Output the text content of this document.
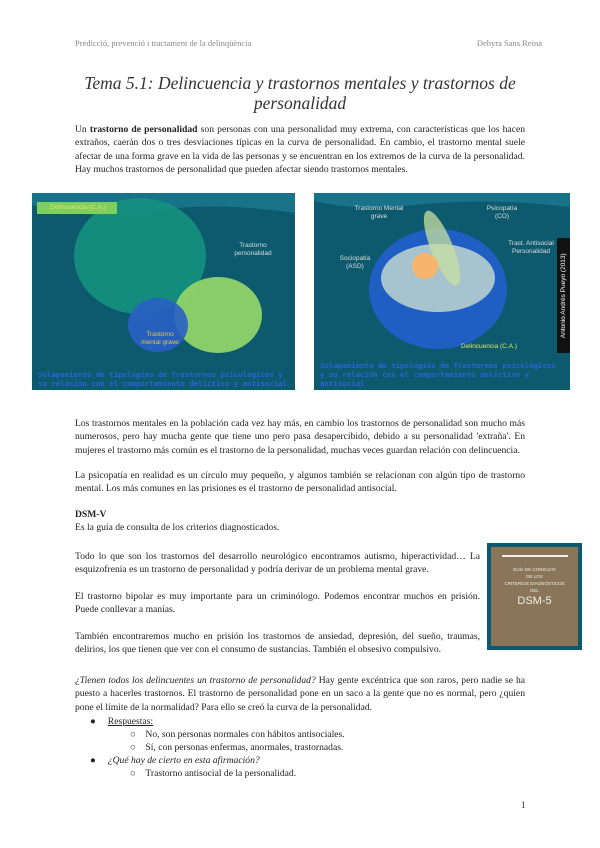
Predicció, prevenció i tractament de la delinqüència	Dehyra Sans Reina
Tema 5.1: Delincuencia y trastornos mentales y trastornos de personalidad
Un trastorno de personalidad son personas con una personalidad muy extrema, con características que los hacen extraños, caerán dos o tres desviaciones típicas en la curva de personalidad. En cambio, el trastorno mental suele afectar de una forma grave en la vida de las personas y se encuentran en los extremos de la curva de la personalidad. Hay muchos trastornos de personalidad que pueden afectar siendo trastornos mentales.
Delincuencia (C.A.)
Trastorno personalidad
Trastorno mental grave
Solapamiento de tipologías de Trastornos psicológicos y su relación con el comportamiento delictivo y antisocial
Trastorno Mental grave
Psicopatía (CO)
Trast. Antisocial Personalidad
Sociopatía (ASD)
Delincuencia (C.A.)
Antonio Andrés Pueyo (2013)
Solapamiento de tipologías de Trastornos psicológicos y su relación con el comportamiento delictivo y antisocial
Los trastornos mentales en la población cada vez hay más, en cambio los trastornos de personalidad son mucho más numerosos, pero hay mucha gente que tiene uno pero pasa desapercibido, debido a su personalidad 'extraña'. En mujeres el trastorno más común es el trastorno de la personalidad, muchas veces guardan relación con delincuencia.
La psicopatía en realidad es un círculo muy pequeño, y algunos también se relacionan con algún tipo de trastorno mental. Los más comunes en las prisiones es el trastorno de personalidad antisocial.
DSM-V
Es la guía de consulta de los criterios diagnosticados.
Todo lo que son los trastornos del desarrollo neurológico encontramos autismo, hiperactividad… La esquizofrenia es un trastorno de personalidad y podría derivar de un problema mental grave.
El trastorno bipolar es muy importante para un criminólogo. Podemos encontrar muchos en prisión. Puede conllevar a manías.
También encontraremos mucho en prisión los trastornos de ansiedad, depresión, del sueño, traumas, delirios, los que tienen que ver con el consumo de sustancias. También el obsesivo compulsivo.
GUÍA DE CONSULTA
DE LOS
CRITERIOS DIAGNÓSTICOS
DEL
DSM-5
¿Tienen todos los delincuentes un trastorno de personalidad? Hay gente excéntrica que son raros, pero nadie se ha puesto a hacerles trastornos. El trastorno de personalidad pone en un saco a la gente que no es normal, pero ¿quien pone el límite de la normalidad? Para ello se creó la curva de la personalidad.
●     Respuestas:
○    No, son personas normales con hábitos antisociales.
○    Sí, con personas enfermas, anormales, trastornadas.
●     ¿Qué hay de cierto en esta afirmación?
○    Trastorno antisocial de la personalidad.
1
